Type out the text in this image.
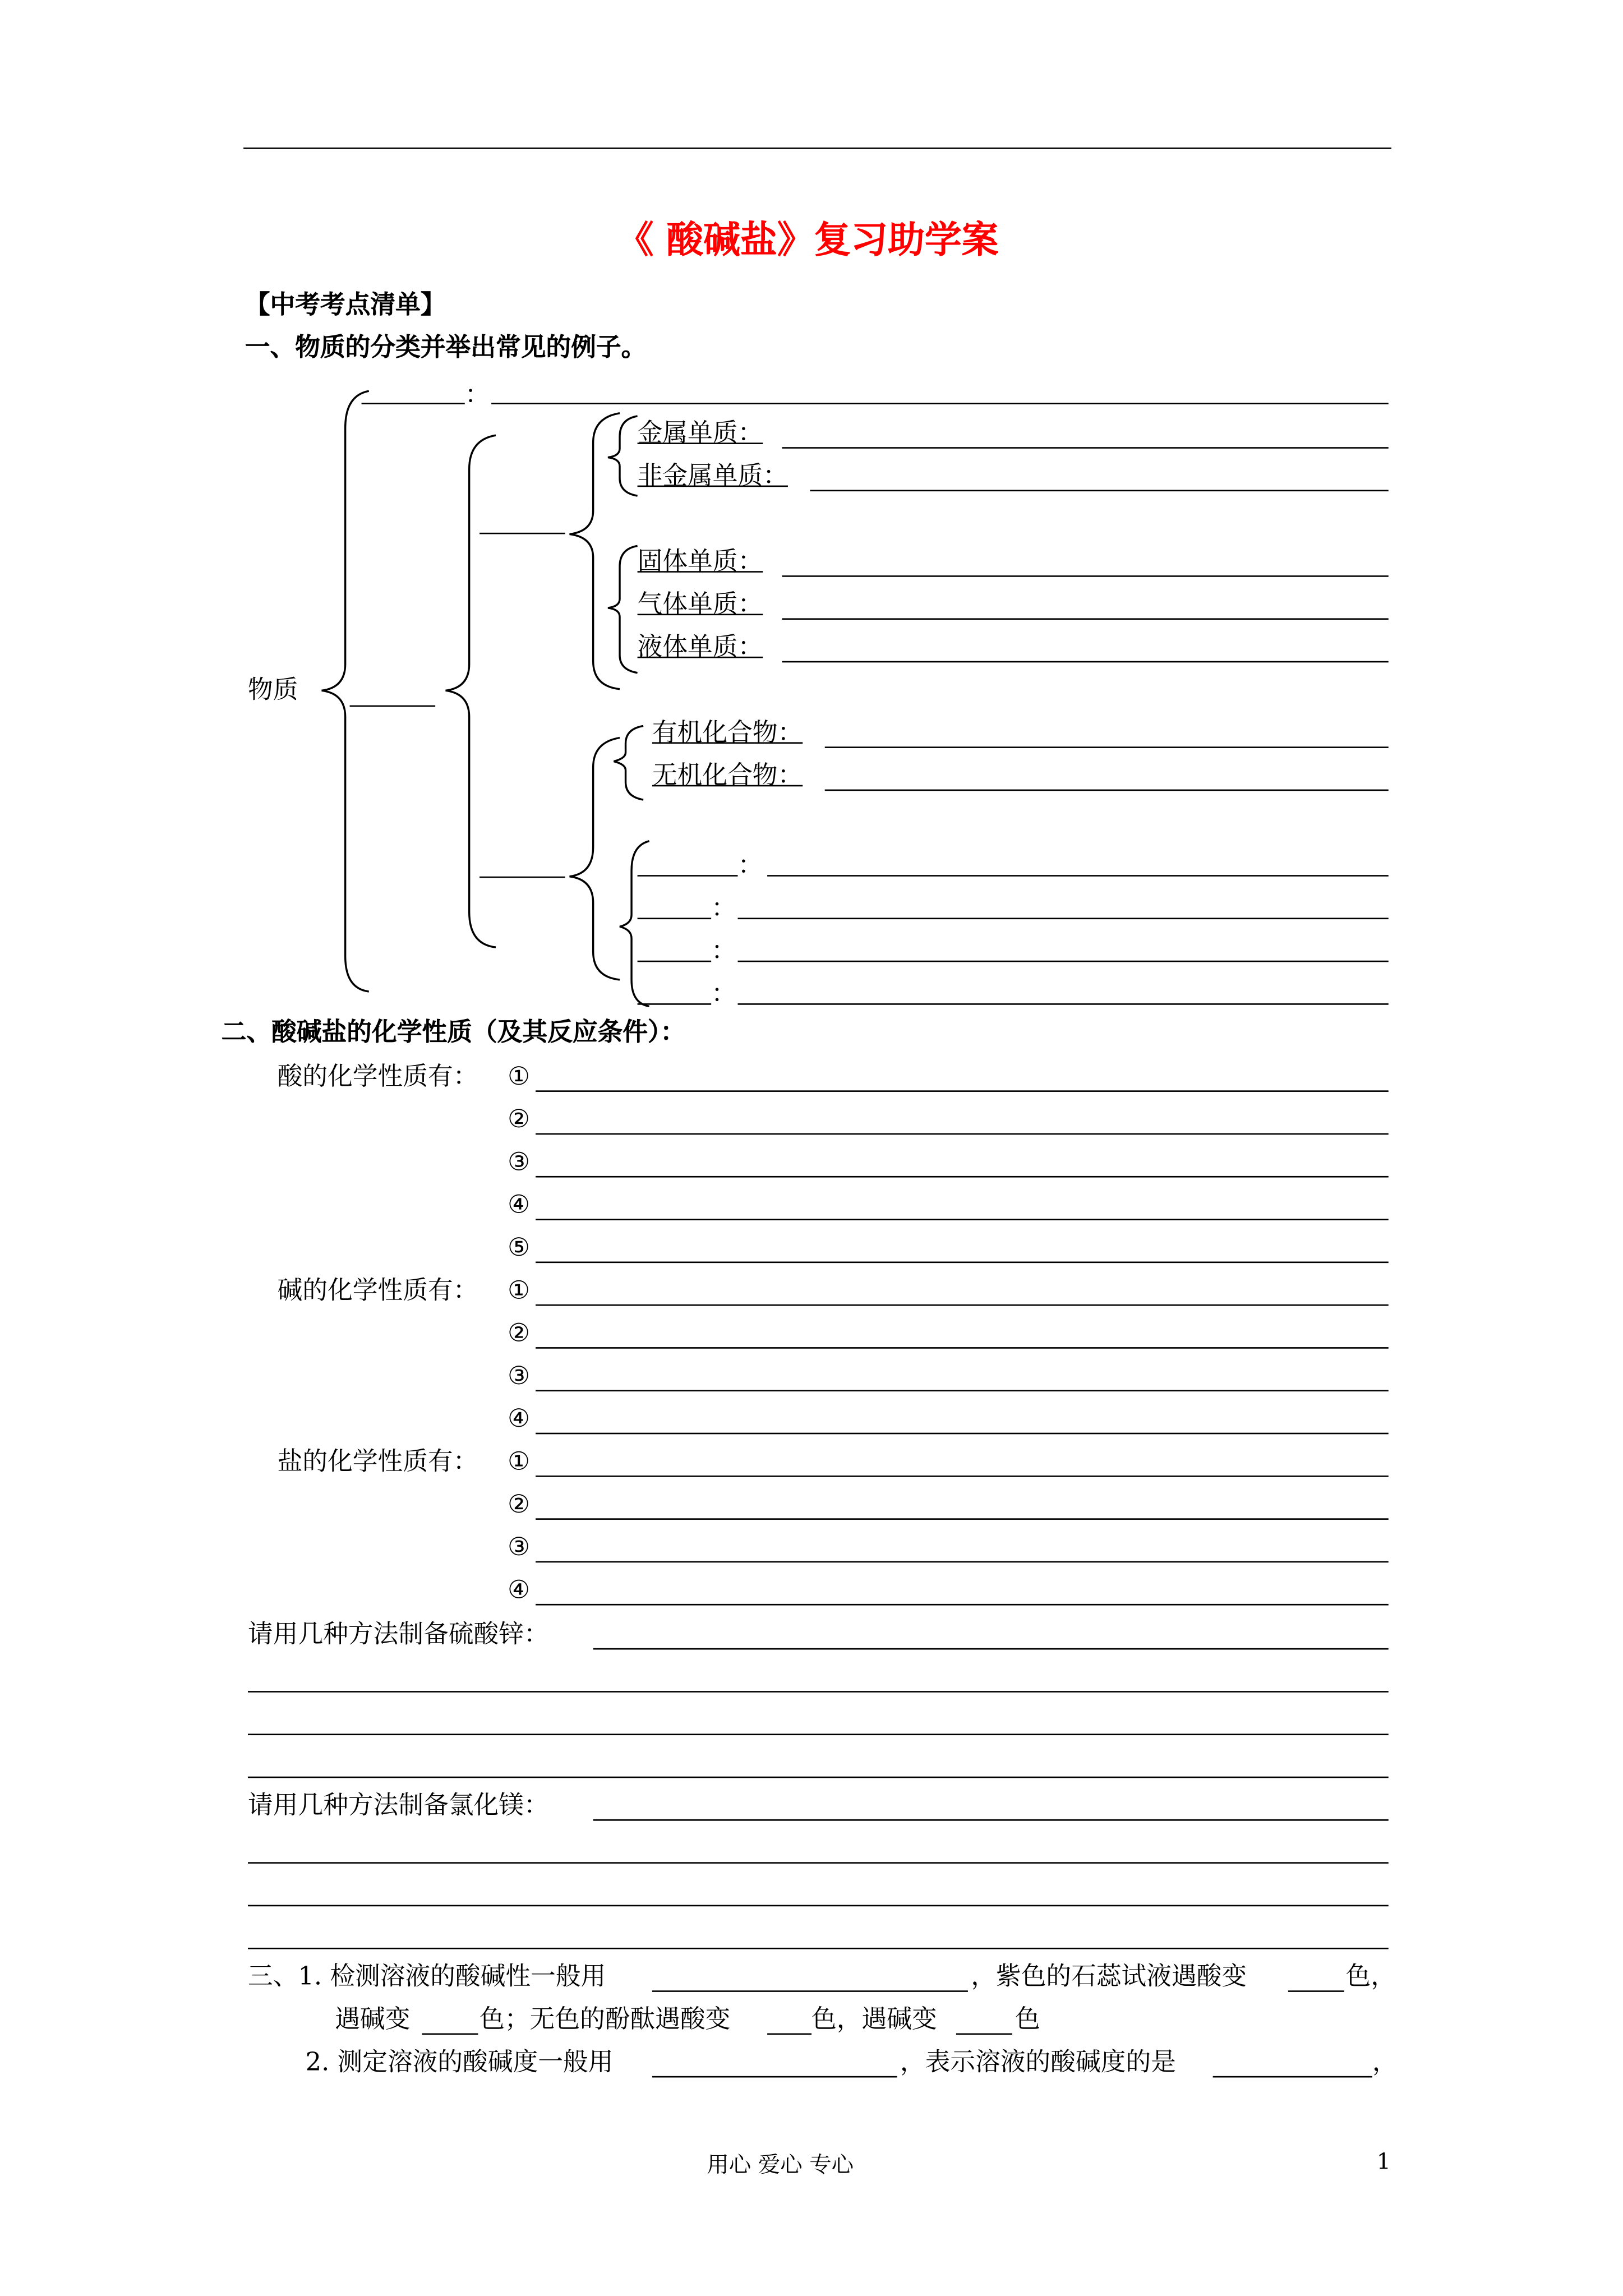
《 酸碱盐》复习助学案
【中考考点清单】
一、物质的分类并举出常见的例子。
：
物质
金属单质：
非金属单质：
固体单质：
气体单质：
液体单质：
有机化合物：
无机化合物：
：
：
：
：
二、酸碱盐的化学性质（及其反应条件）：
请用几种方法制备硫酸锌：
请用几种方法制备氯化镁：
三、1. 检测溶液的酸碱性一般用	，紫色的石蕊试液遇酸变	色，
遇碱变	色；无色的酚酞遇酸变	色，遇碱变	色
2. 测定溶液的酸碱度一般用	，表示溶液的酸碱度的是	，
用心 爱心 专心	1
酸的化学性质有：	①
②
③
④
⑤
碱的化学性质有：	①
②
③
④
盐的化学性质有：	①
②
③
④
